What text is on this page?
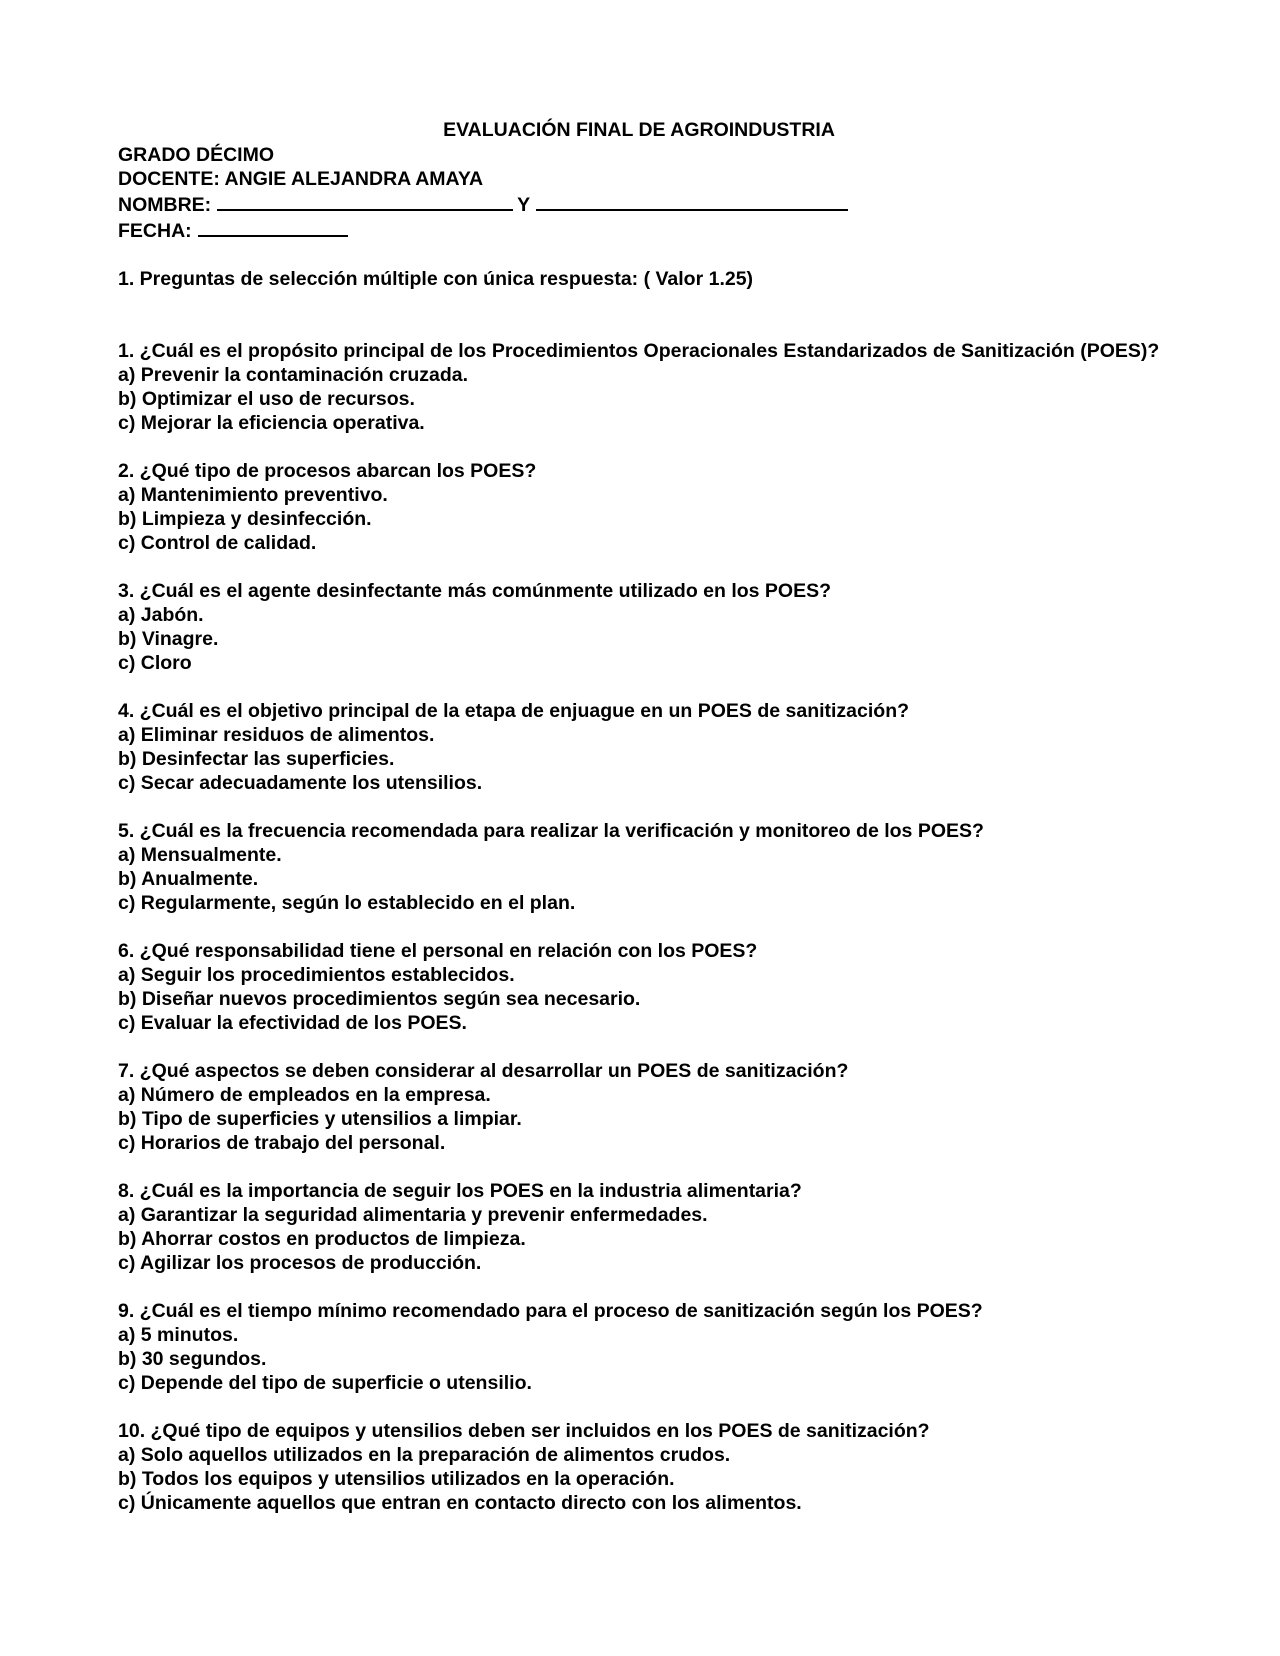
EVALUACIÓN FINAL DE AGROINDUSTRIA
GRADO DÉCIMO
DOCENTE: ANGIE ALEJANDRA AMAYA
NOMBRE:	Y
FECHA:
1. Preguntas de selección múltiple con única respuesta: ( Valor 1.25)
1. ¿Cuál es el propósito principal de los Procedimientos Operacionales Estandarizados de Sanitización (POES)?
a) Prevenir la contaminación cruzada.
b) Optimizar el uso de recursos.
c) Mejorar la eficiencia operativa.
2. ¿Qué tipo de procesos abarcan los POES?
a) Mantenimiento preventivo.
b) Limpieza y desinfección.
c) Control de calidad.
3. ¿Cuál es el agente desinfectante más comúnmente utilizado en los POES?
a) Jabón.
b) Vinagre.
c) Cloro
4. ¿Cuál es el objetivo principal de la etapa de enjuague en un POES de sanitización?
a) Eliminar residuos de alimentos.
b) Desinfectar las superficies.
c) Secar adecuadamente los utensilios.
5. ¿Cuál es la frecuencia recomendada para realizar la verificación y monitoreo de los POES?
a) Mensualmente.
b) Anualmente.
c) Regularmente, según lo establecido en el plan.
6. ¿Qué responsabilidad tiene el personal en relación con los POES?
a) Seguir los procedimientos establecidos.
b) Diseñar nuevos procedimientos según sea necesario.
c) Evaluar la efectividad de los POES.
7. ¿Qué aspectos se deben considerar al desarrollar un POES de sanitización?
a) Número de empleados en la empresa.
b) Tipo de superficies y utensilios a limpiar.
c) Horarios de trabajo del personal.
8. ¿Cuál es la importancia de seguir los POES en la industria alimentaria?
a) Garantizar la seguridad alimentaria y prevenir enfermedades.
b) Ahorrar costos en productos de limpieza.
c) Agilizar los procesos de producción.
9. ¿Cuál es el tiempo mínimo recomendado para el proceso de sanitización según los POES?
a) 5 minutos.
b) 30 segundos.
c) Depende del tipo de superficie o utensilio.
10. ¿Qué tipo de equipos y utensilios deben ser incluidos en los POES de sanitización?
a) Solo aquellos utilizados en la preparación de alimentos crudos.
b) Todos los equipos y utensilios utilizados en la operación.
c) Únicamente aquellos que entran en contacto directo con los alimentos.
